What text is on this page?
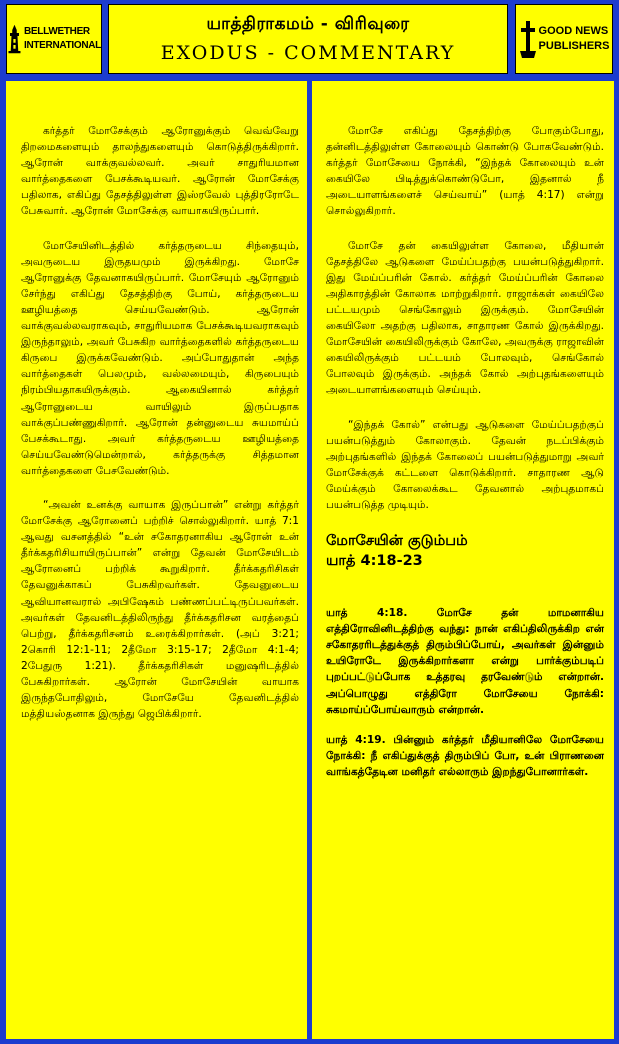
BELLWETHER
INTERNATIONAL
யாத்திராகமம் - விரிவுரை
EXODUS - COMMENTARY
GOOD NEWS
PUBLISHERS

கர்த்தர் மோசேக்கும் ஆரோனுக்கும் வெவ்வேறு திறமைகளையும் தாலந்துகளையும் கொடுத்திருக்கிறார். ஆரோன் வாக்குவல்லவர். அவர் சாதுரியமான வார்த்தைகளை பேசக்கூடியவர். ஆரோன் மோசேக்கு பதிலாக, எகிப்து தேசத்திலுள்ள இஸ்ரவேல் புத்திரரோடே பேசுவார். ஆரோன் மோசேக்கு வாயாகயிருப்பார்.

மோசேயினிடத்தில் கர்த்தருடைய சிந்தையும், அவருடைய இருதயமும் இருக்கிறது. மோசே ஆரோனுக்கு தேவனாகயிருப்பார். மோசேயும் ஆரோனும் சேர்ந்து எகிப்து தேசத்திற்கு போய், கர்த்தருடைய ஊழியத்தை செய்யவேண்டும். ஆரோன் வாக்குவல்லவராகவும், சாதுரியமாக பேசக்கூடியவராகவும் இருந்தாலும், அவர் பேசுகிற வார்த்தைகளில் கர்த்தருடைய கிருபை இருக்கவேண்டும். அப்போதுதான் அந்த வார்த்தைகள் பெலமும், வல்லமையும், கிருபையும் நிரம்பியதாகயிருக்கும். ஆகையினால் கர்த்தர் ஆரோனுடைய வாயிலும் இருப்பதாக வாக்குப்பண்ணுகிறார். ஆரோன் தன்னுடைய சுயமாய்ப் பேசக்கூடாது. அவர் கர்த்தருடைய ஊழியத்தை செய்யவேண்டுமென்றால், கர்த்தருக்கு சித்தமான வார்த்தைகளை பேசவேண்டும்.

“அவன் உனக்கு வாயாக இருப்பான்” என்று கர்த்தர் மோசேக்கு ஆரோனைப் பற்றிச் சொல்லுகிறார். யாத் 7:1 ஆவது வசனத்தில் “உன் சகோதரனாகிய ஆரோன் உன் தீர்க்கதரிசியாயிருப்பான்” என்று தேவன் மோசேயிடம் ஆரோனைப் பற்றிக் கூறுகிறார். தீர்க்கதரிசிகள் தேவனுக்காகப் பேசுகிறவர்கள். தேவனுடைய ஆவியானவரால் அபிஷேகம் பண்ணப்பட்டிருப்பவர்கள். அவர்கள் தேவனிடத்திலிருந்து தீர்க்கதரிசன வரத்தைப் பெற்று, தீர்க்கதரிசனம் உரைக்கிறார்கள். (அப் 3:21; 2கொரி 12:1-11; 2தீமோ 3:15-17; 2தீமோ 4:1-4; 2பேதுரு 1:21). தீர்க்கதரிசிகள் மனுஷரிடத்தில் பேசுகிறார்கள். ஆரோன் மோசேயின் வாயாக இருந்தபோதிலும், மோசேயே தேவனிடத்தில் மத்தியஸ்தனாக இருந்து ஜெபிக்கிறார்.

மோசே எகிப்து தேசத்திற்கு போகும்போது, தன்னிடத்திலுள்ள கோலையும் கொண்டு போகவேண்டும். கர்த்தர் மோசேயை நோக்கி, “இந்தக் கோலையும் உன் கையிலே பிடித்துக்கொண்டுபோ, இதனால் நீ அடையாளங்களைச் செய்வாய்” (யாத் 4:17) என்று சொல்லுகிறார்.

மோசே தன் கையிலுள்ள கோலை, மீதியான் தேசத்திலே ஆடுகளை மேய்ப்பதற்கு பயன்படுத்துகிறார். இது மேய்ப்பரின் கோல். கர்த்தர் மேய்ப்பரின் கோலை அதிகாரத்தின் கோலாக மாற்றுகிறார். ராஜாக்கள் கையிலே பட்டயமும் செங்கோலும் இருக்கும். மோசேயின் கையிலோ அதற்கு பதிலாக, சாதாரண கோல் இருக்கிறது. மோசேயின் கையிலிருக்கும் கோலே, அவருக்கு ராஜாவின் கையிலிருக்கும் பட்டயம் போலவும், செங்கோல் போலவும் இருக்கும். அந்தக் கோல் அற்புதங்களையும் அடையாளங்களையும் செய்யும்.

“இந்தக் கோல்” என்பது ஆடுகளை மேய்ப்பதற்குப் பயன்படுத்தும் கோலாகும். தேவன் நடப்பிக்கும் அற்புதங்களில் இந்தக் கோலைப் பயன்படுத்துமாறு அவர் மோசேக்குக் கட்டளை கொடுக்கிறார். சாதாரண ஆடு மேய்க்கும் கோலைக்கூட தேவனால் அற்புதமாகப் பயன்படுத்த முடியும்.

மோசேயின் குடும்பம்
யாத் 4:18-23

யாத் 4:18. மோசே தன் மாமனாகிய எத்திரோவினிடத்திற்கு வந்து: நான் எகிப்திலிருக்கிற என் சகோதரரிடத்துக்குத் திரும்பிப்போய், அவர்கள் இன்னும் உயிரோடே இருக்கிறார்களா என்று பார்க்கும்படிப் புறப்பட்டுப்போக உத்தரவு தரவேண்டும் என்றான். அப்பொழுது எத்திரோ மோசேயை நோக்கி: சுகமாய்ப்போய்வாரும் என்றான்.

யாத் 4:19. பின்னும் கர்த்தர் மீதியானிலே மோசேயை நோக்கி: நீ எகிப்துக்குத் திரும்பிப் போ, உன் பிராணனை வாங்கத்தேடின மனிதர் எல்லாரும் இறந்துபோனார்கள்.
